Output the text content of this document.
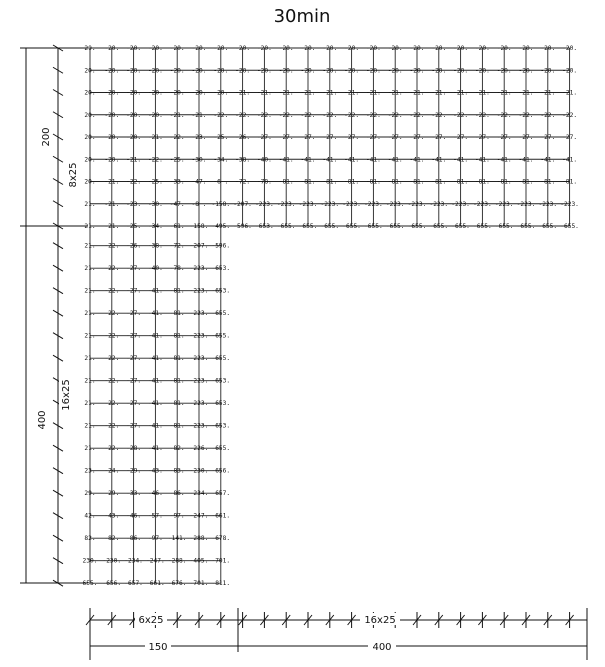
30min
20. -20. -20. -20. -20. -20. -20. -20. -20. -20. -20. -20. -20. -20. -20. -20. -20. -20. -20. -20. -20. -20. -20.
20. -20. -20. -20. -20. -20. -20. -20. -20. -20. -20. -20. -20. -20. -20. -20. -20. -20. -20. -20. -20. -20. -20.
20. -20. -20. -20. -20. -20. -20. -21. -21. -21. -21. -21. -21. -21. -21. -21. -21. -21. -21. -21. -21. -21. -21.
20. -20. -20. -20. -21. -21. -22. -22. -22. -22. -22. -22. -22. -22. -22. -22. -22. -22. -22. -22. -22. -22. -22.
20. -20. -20. -21. -22. -23. -25. -26. -27. -27. -27. -27. -27. -27. -27. -27. -27. -27. -27. -27. -27. -27. -27.
20. -20. -21. -22. -25. -30. -34. -38. -40. -41. -41. -41. -41. -41. -41. -41. -41. -41. -41. -41. -41. -41. -41.
20. -21. -22. -25. -33. -47. -6 . -72. -78. -81. -81. -81. -81. -81. -81. -81. -81. -81. -81. -81. -81. -81. -81.
21. -21. -23. -30. -47. -8 . -158. -207. -223. -223. -223. -223. -223. -223. -223. -223. -223. -223. -223. -223. -223. -223. -223.
21. -21. -25. -34. -61. -158. -495. -596. -653. -655. -655. -655. -655. -655. -655. -655. -655. -655. -655. -655. -655. -655. -655.
21. -22. -26. -38. -72. -207. -596.
21. -22. -27. -40. -78. -223. -653.
21. -22. -27. -41. -81. -223. -653.
21. -22. -27. -41. -81. -223. -655.
21. -22. -27. -41. -81. -223. -655.
21. -22. -27. -41. -81. -223. -655.
21. -22. -27. -41. -81. -223. -653.
21. -22. -27. -41. -81. -223. -653.
21. -22. -27. -41. -81. -223. -653.
21. -22. -28. -41. -82. -226. -655.
23. -24. -29. -43. -83. -230. -656.
29. -29. -33. -46. -86. -234. -657.
42. -43. -46. -57. -97. -247. -661.
82. -82. -86. -97. -141. -288. -678.
230. -230. -234. -247. -288. -405. -701.
655. -656. -657. -661. -676. -701. -811.
200
8x25
400
16x25
6x25
150
16x25
400
